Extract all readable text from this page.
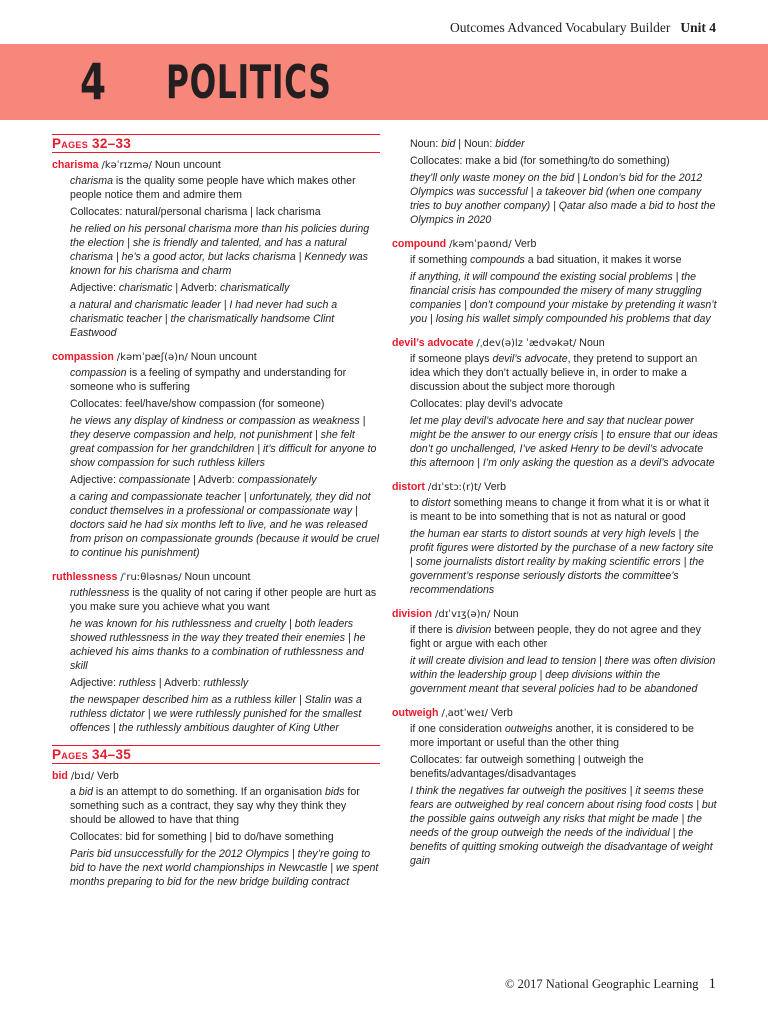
Outcomes Advanced Vocabulary Builder Unit 4
4 POLITICS
Pages 32–33
charisma /kəˈrɪzmə/ Noun uncount
charisma is the quality some people have which makes other people notice them and admire them
Collocates: natural/personal charisma | lack charisma
he relied on his personal charisma more than his policies during the election | she is friendly and talented, and has a natural charisma | he’s a good actor, but lacks charisma | Kennedy was known for his charisma and charm
Adjective: charismatic | Adverb: charismatically
a natural and charismatic leader | I had never had such a charismatic teacher | the charismatically handsome Clint Eastwood
compassion /kəmˈpæʃ(ə)n/ Noun uncount
compassion is a feeling of sympathy and understanding for someone who is suffering
Collocates: feel/have/show compassion (for someone)
he views any display of kindness or compassion as weakness | they deserve compassion and help, not punishment | she felt great compassion for her grandchildren | it’s difficult for anyone to show compassion for such ruthless killers
Adjective: compassionate | Adverb: compassionately
a caring and compassionate teacher | unfortunately, they did not conduct themselves in a professional or compassionate way | doctors said he had six months left to live, and he was released from prison on compassionate grounds (because it would be cruel to continue his punishment)
ruthlessness /ˈruːθləsnəs/ Noun uncount
ruthlessness is the quality of not caring if other people are hurt as you make sure you achieve what you want
he was known for his ruthlessness and cruelty | both leaders showed ruthlessness in the way they treated their enemies | he achieved his aims thanks to a combination of ruthlessness and skill
Adjective: ruthless | Adverb: ruthlessly
the newspaper described him as a ruthless killer | Stalin was a ruthless dictator | we were ruthlessly punished for the smallest offences | the ruthlessly ambitious daughter of King Uther
Pages 34–35
bid /bɪd/ Verb
a bid is an attempt to do something. If an organisation bids for something such as a contract, they say why they think they should be allowed to have that thing
Collocates: bid for something | bid to do/have something
Paris bid unsuccessfully for the 2012 Olympics | they’re going to bid to have the next world championships in Newcastle | we spent months preparing to bid for the new bridge building contract
Noun: bid | Noun: bidder
Collocates: make a bid (for something/to do something)
they’ll only waste money on the bid | London’s bid for the 2012 Olympics was successful | a takeover bid (when one company tries to buy another company) | Qatar also made a bid to host the Olympics in 2020
compound /kəmˈpaʊnd/ Verb
if something compounds a bad situation, it makes it worse
if anything, it will compound the existing social problems | the financial crisis has compounded the misery of many struggling companies | don’t compound your mistake by pretending it wasn’t you | losing his wallet simply compounded his problems that day
devil’s advocate /ˌdev(ə)lz ˈædvəkət/ Noun
if someone plays devil’s advocate, they pretend to support an idea which they don’t actually believe in, in order to make a discussion about the subject more thorough
Collocates: play devil’s advocate
let me play devil’s advocate here and say that nuclear power might be the answer to our energy crisis | to ensure that our ideas don’t go unchallenged, I’ve asked Henry to be devil’s advocate this afternoon | I’m only asking the question as a devil’s advocate
distort /dɪˈstɔː(r)t/ Verb
to distort something means to change it from what it is or what it is meant to be into something that is not as natural or good
the human ear starts to distort sounds at very high levels | the profit figures were distorted by the purchase of a new factory site | some journalists distort reality by making scientific errors | the government’s response seriously distorts the committee’s recommendations
division /dɪˈvɪʒ(ə)n/ Noun
if there is division between people, they do not agree and they fight or argue with each other
it will create division and lead to tension | there was often division within the leadership group | deep divisions within the government meant that several policies had to be abandoned
outweigh /ˌaʊtˈweɪ/ Verb
if one consideration outweighs another, it is considered to be more important or useful than the other thing
Collocates: far outweigh something | outweigh the benefits/advantages/disadvantages
I think the negatives far outweigh the positives | it seems these fears are outweighed by real concern about rising food costs | but the possible gains outweigh any risks that might be made | the needs of the group outweigh the needs of the individual | the benefits of quitting smoking outweigh the disadvantage of weight gain
© 2017 National Geographic Learning 1
